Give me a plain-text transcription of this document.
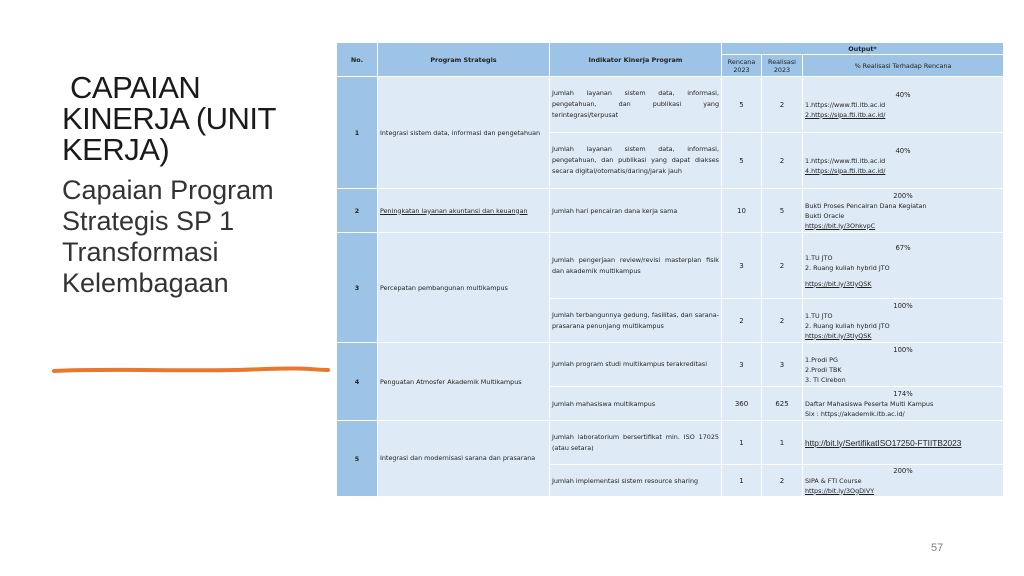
CAPAIAN
KINERJA (UNIT
KERJA)
Capaian Program
Strategis SP 1
Transformasi
Kelembagaan
No.	Program Strategis	Indikator Kinerja Program	Output*		
			Rencana 2023	Realisasi 2023	% Realisasi Terhadap Rencana
1	Integrasi sistem data, informasi dan pengetahuan	Jumlah layanan sistem data, informasi, pengetahuan, dan publikasi yang terintegrasi/terpusat	5	2	40%
1.https://www.fti.itb.ac.id
2.https://sipa.fti.itb.ac.id/

		Jumlah layanan sistem data, informasi, pengetahuan, dan publikasi yang dapat diakses secara digital/otomatis/daring/jarak jauh	5	2	40%
1.https://www.fti.itb.ac.id
4.https://sipa.fti.itb.ac.id/

2	Peningkatan layanan akuntansi dan keuangan	Jumlah hari pencairan dana kerja sama	10	5	200%
Bukti Proses Pencairan Dana Kegiatan
Bukti Oracle
https://bit.ly/3OhkvpC

3	Percepatan pembangunan multikampus	Jumlah pengerjaan review/revisi masterplan fisik dan akademik multikampus	3	2	67%
1.TU JTO
2. Ruang kuliah hybrid JTO
https://bit.ly/3tIyQSK

		Jumlah terbangunnya gedung, fasilitas, dan sarana-prasarana penunjang multikampus	2	2	100%
1.TU JTO
2. Ruang kuliah hybrid JTO
https://bit.ly/3tIyQSK

4	Penguatan Atmosfer Akademik Multikampus	Jumlah program studi multikampus terakreditasi	3	3	100%
1.Prodi PG
2.Prodi TBK
3. TI Cirebon

		Jumlah mahasiswa multikampus	360	625	174%
Daftar Mahasiswa Peserta Multi Kampus
Six : https://akademik.itb.ac.id/

5	Integrasi dan modernisasi sarana dan prasarana	Jumlah laboratorium bersertifikat min. ISO 17025 (atau setara)	1	1	http://bit.ly/SertifikatISO17250-FTIITB2023
		Jumlah implementasi sistem resource sharing	1	2	200%
SIPA & FTI Course
https://bit.ly/3OgDiVY
57
